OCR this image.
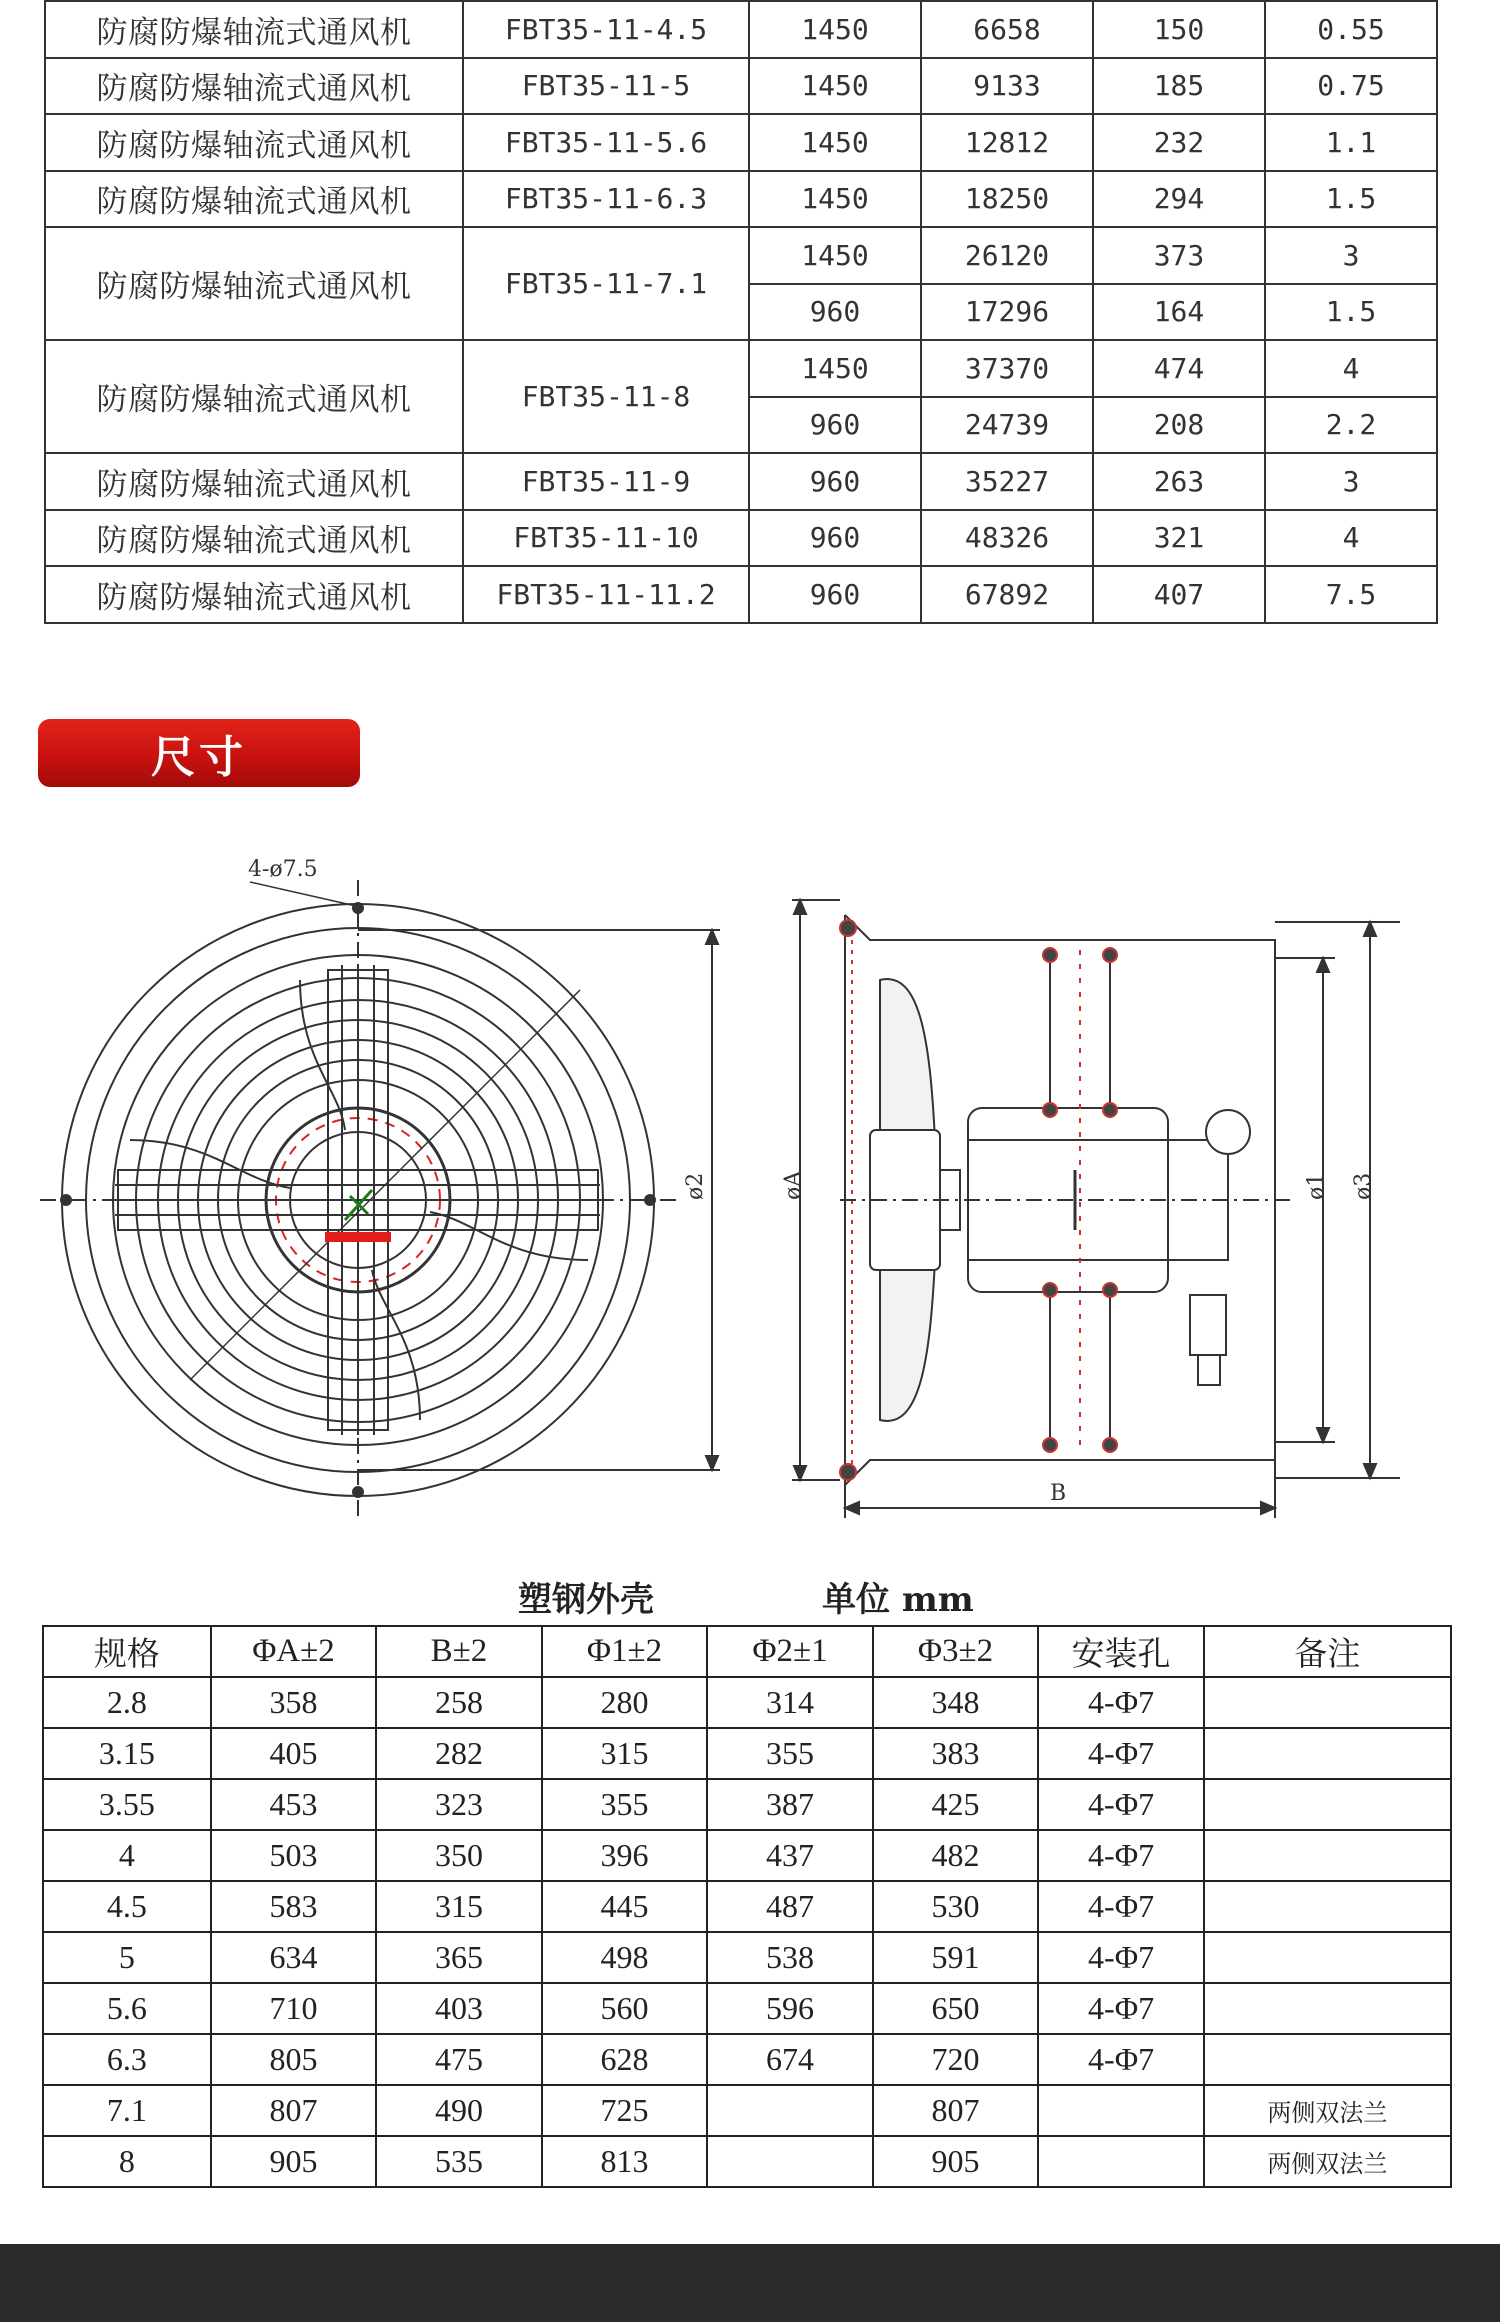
防腐防爆轴流式通风机	FBT35-11-4.5	1450	6658	150	0.55
防腐防爆轴流式通风机	FBT35-11-5	1450	9133	185	0.75
防腐防爆轴流式通风机	FBT35-11-5.6	1450	12812	232	1.1
防腐防爆轴流式通风机	FBT35-11-6.3	1450	18250	294	1.5
防腐防爆轴流式通风机	FBT35-11-7.1	1450	26120	373	3
		960	17296	164	1.5
防腐防爆轴流式通风机	FBT35-11-8	1450	37370	474	4
		960	24739	208	2.2
防腐防爆轴流式通风机	FBT35-11-9	960	35227	263	3
防腐防爆轴流式通风机	FBT35-11-10	960	48326	321	4
防腐防爆轴流式通风机	FBT35-11-11.2	960	67892	407	7.5
尺寸
4-ø7.5
ø2	øA	ø1 ø3
B
塑钢外壳	单位 mm
规格	ΦA±2	B±2	Φ1±2	Φ2±1	Φ3±2	安装孔	备注
2.8	358	258	280	314	348	4-Φ7	
3.15	405	282	315	355	383	4-Φ7	
3.55	453	323	355	387	425	4-Φ7	
4	503	350	396	437	482	4-Φ7	
4.5	583	315	445	487	530	4-Φ7	
5	634	365	498	538	591	4-Φ7	
5.6	710	403	560	596	650	4-Φ7	
6.3	805	475	628	674	720	4-Φ7	
7.1	807	490	725		807		两侧双法兰
8	905	535	813		905		两侧双法兰
